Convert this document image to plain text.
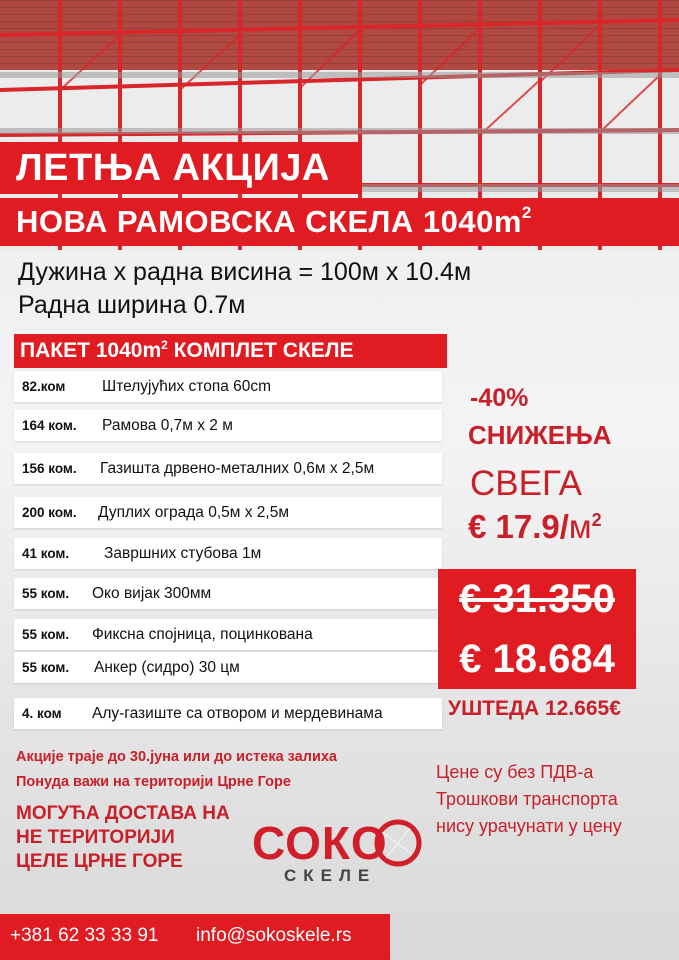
ЛЕТЊА АКЦИЈА
НОВА РАМОВСКА СКЕЛА $1040m^2$
Дужина x радна висина = 100м x 10.4м
Радна ширина 0.7м
ПАКЕТ $1040m^2$ КОМПЛЕТ СКЕЛЕ
82.ком Штелујућих стопа 60cm
164 ком. Рамова 0,7м x 2 м
156 ком. Газишта дрвено-металних 0,6м x 2,5м
200 ком. Дуплих ограда 0,5м x 2,5м
41 ком. Завршних стубова 1м
55 ком. Око вијак 300мм
55 ком. Фиксна спојница, поцинкована
55 ком. Анкер (сидро) 30 цм
4. ком Алу-газиште са отвором и мердевинама
-40%
СНИЖЕЊА
СВЕГА
€ $17.9/м^2$
€ 31.350
€ 18.684
УШТЕДА 12.665€
Акције траје до 30.јуна или до истека залиха
Понуда важи на територији Црне Горе
МОГУЋА ДОСТАВА НА
НЕ ТЕРИТОРИЈИ
ЦЕЛЕ ЦРНЕ ГОРЕ
Цене су без ПДВ-а
Трошкови транспорта
нису урачунати у цену
СОКО
СКЕЛЕ
+381 62 33 33 91 info@sokoskele.rs
